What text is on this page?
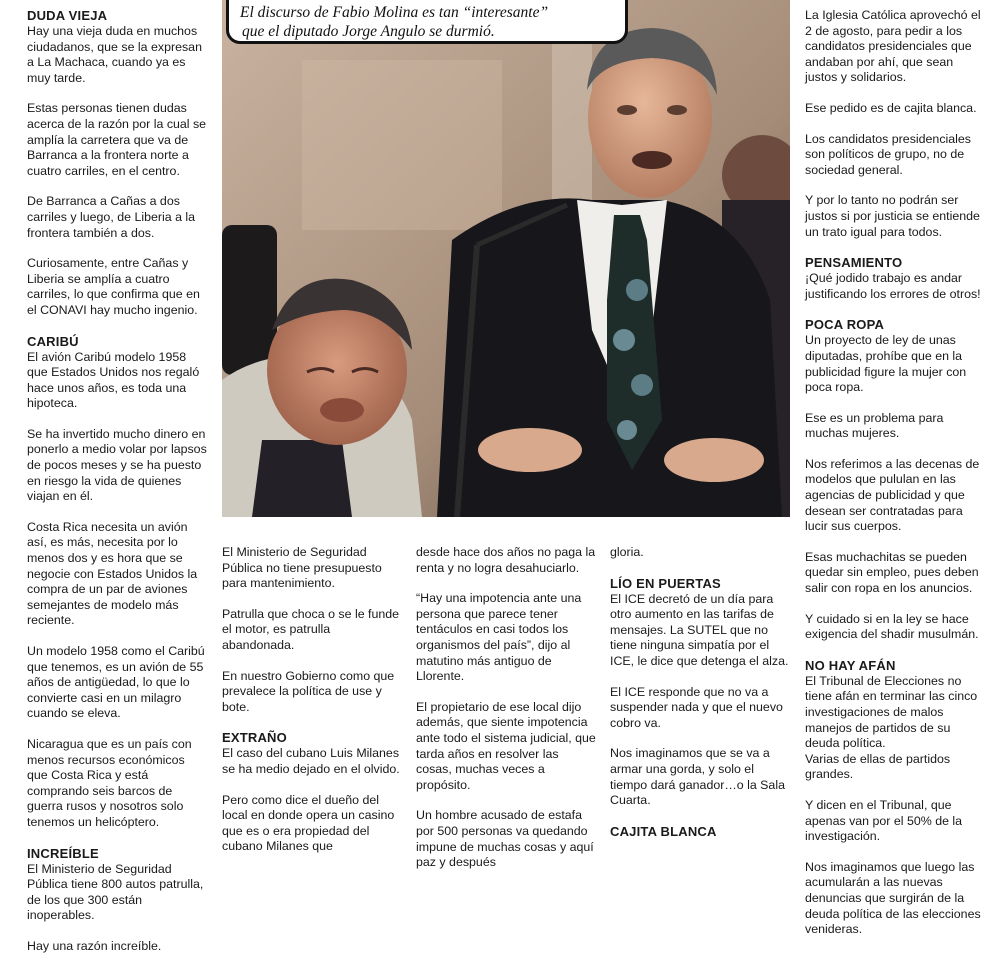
El discurso de Fabio Molina es tan “interesante”
que el diputado Jorge Angulo se durmió.
DUDA VIEJA

Hay una vieja duda en muchos ciudadanos, que se la expresan a La Machaca, cuando ya es muy tarde.

Estas personas tienen dudas acerca de la razón por la cual se amplía la carretera que va de Barranca a la frontera norte a cuatro carriles, en el centro.

De Barranca a Cañas a dos carriles y luego, de Liberia a la frontera también a dos.

Curiosamente, entre Cañas y Liberia se amplía a cuatro carriles, lo que confirma que en el CONAVI hay mucho ingenio.

CARIBÚ

El avión Caribú modelo 1958 que Estados Unidos nos regaló hace unos años, es toda una hipoteca.

Se ha invertido mucho dinero en ponerlo a medio volar por lapsos de pocos meses y se ha puesto en riesgo la vida de quienes viajan en él.

Costa Rica necesita un avión así, es más, necesita por lo menos dos y es hora que se negocie con Estados Unidos la compra de un par de aviones semejantes de modelo más reciente.

Un modelo 1958 como el Caribú que tenemos, es un avión de 55 años de antigüedad, lo que lo convierte casi en un milagro cuando se eleva.

Nicaragua que es un país con menos recursos económicos que Costa Rica y está comprando seis barcos de guerra rusos y nosotros solo tenemos un helicóptero.

INCREÍBLE

El Ministerio de Seguridad Pública tiene 800 autos patrulla, de los que 300 están inoperables.

Hay una razón increíble.

El Ministerio de Seguridad Pública no tiene presupuesto para mantenimiento.

Patrulla que choca o se le funde el motor, es patrulla abandonada.

En nuestro Gobierno como que prevalece la política de use y bote.

EXTRAÑO

El caso del cubano Luis Milanes se ha medio dejado en el olvido.

Pero como dice el dueño del local en donde opera un casino que es o era propiedad del cubano Milanes que

desde hace dos años no paga la renta y no logra desahuciarlo.

“Hay una impotencia ante una persona que parece tener tentáculos en casi todos los organismos del país”, dijo al matutino más antiguo de Llorente.

El propietario de ese local dijo además, que siente impotencia ante todo el sistema judicial, que tarda años en resolver las cosas, muchas veces a propósito.

Un hombre acusado de estafa por 500 personas va quedando impune de muchas cosas y aquí paz y después

gloria.

LÍO EN PUERTAS

El ICE decretó de un día para otro aumento en las tarifas de mensajes. La SUTEL que no tiene ninguna simpatía por el ICE, le dice que detenga el alza.

El ICE responde que no va a suspender nada y que el nuevo cobro va.

Nos imaginamos que se va a armar una gorda, y solo el tiempo dará ganador…o la Sala Cuarta.

CAJITA BLANCA

La Iglesia Católica aprovechó el 2 de agosto, para pedir a los candidatos presidenciales que andaban por ahí, que sean justos y solidarios.

Ese pedido es de cajita blanca.

Los candidatos presidenciales son políticos de grupo, no de sociedad general.

Y por lo tanto no podrán ser justos si por justicia se entiende un trato igual para todos.

PENSAMIENTO

¡Qué jodido trabajo es andar justificando los errores de otros!

POCA ROPA

Un proyecto de ley de unas diputadas, prohíbe que en la publicidad figure la mujer con poca ropa.

Ese es un problema para muchas mujeres.

Nos referimos a las decenas de modelos que pululan en las agencias de publicidad y que desean ser contratadas para lucir sus cuerpos.

Esas muchachitas se pueden quedar sin empleo, pues deben salir con ropa en los anuncios.

Y cuidado si en la ley se hace exigencia del shadir musulmán.

NO HAY AFÁN

El Tribunal de Elecciones no tiene afán en terminar las cinco investigaciones de malos manejos de partidos de su deuda política.

Varias de ellas de partidos grandes.

Y dicen en el Tribunal, que apenas van por el 50% de la investigación.

Nos imaginamos que luego las acumularán a las nuevas denuncias que surgirán de la deuda política de las elecciones venideras.
